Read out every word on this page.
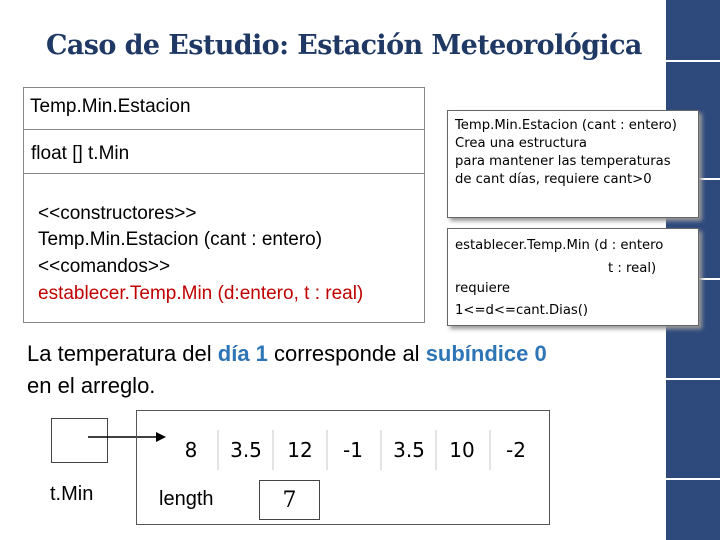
Caso de Estudio: Estación Meteorológica
Temp.Min.Estacion
float [] t.Min
<<constructores>>
Temp.Min.Estacion (cant : entero)
<<comandos>>
establecer.Temp.Min (d:entero, t : real)
Temp.Min.Estacion (cant : entero)
Crea una estructura
para mantener las temperaturas
de cant días, requiere cant>0
establecer.Temp.Min (d : entero
t : real)
requiere
1<=d<=cant.Dias()
La temperatura del día 1 corresponde al subíndice 0
en el arreglo.
t.Min
8	3.5	12	-1	3.5	10	-2
length	7
